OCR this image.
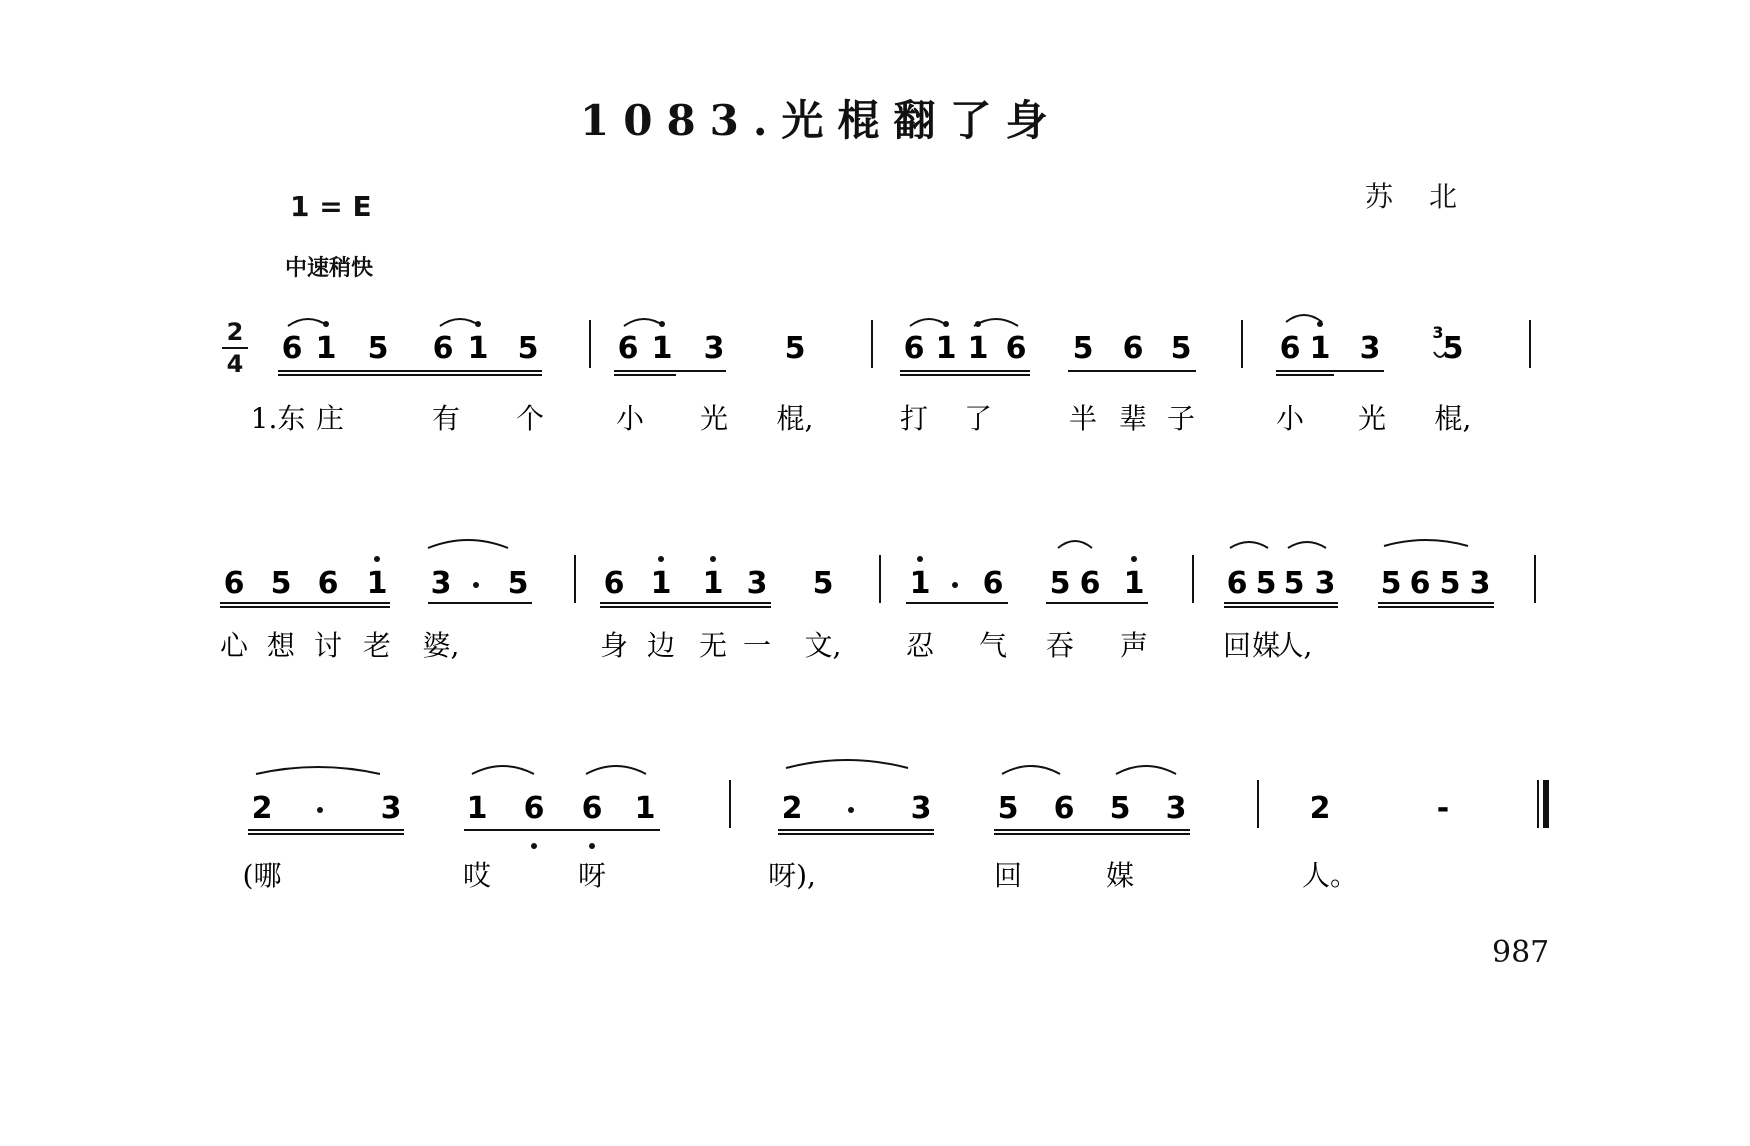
1083.光棍翻了身
1 = E	苏北
中速稍快
2
4
987
6 1 5 6 1 5
1.东 庄	有 个
6 1 3 5
小 光 棍,
6 1 1 6 5 6 5
打 了	半 辈 子
6 1 3 5
3
小 光 棍,
6 5 6 1 3 5
心 想 讨 老 婆,
6 1 1 3 5
身 边 无 一 文,
1 6 5 6 1
忍 气 吞 声
6 5 5 3 5 6 5 3
回 媒
人,
2	3 1 6 6 1
(哪	哎	呀
2	3 5 6 5 3
呀),	回	媒
2	-
人。
